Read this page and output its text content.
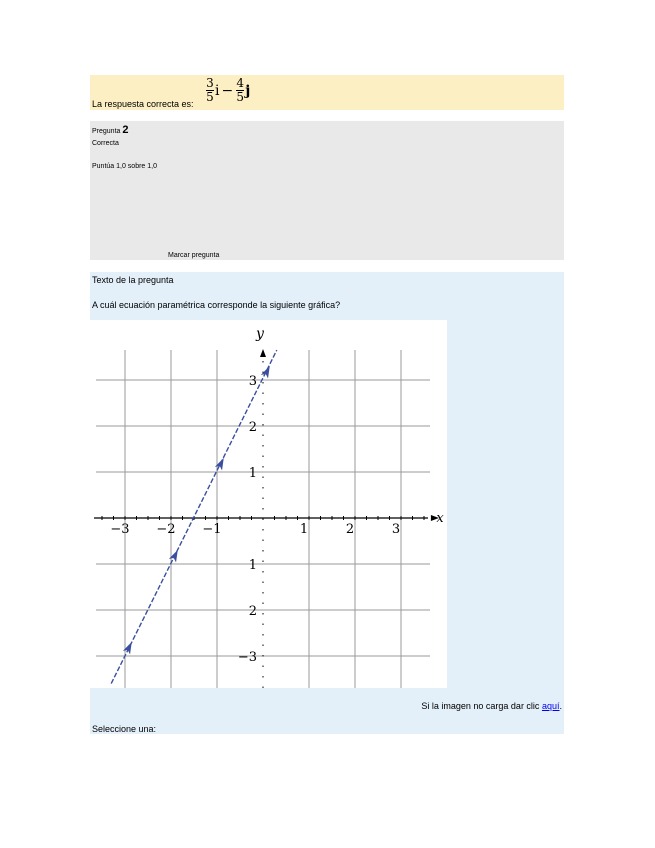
La respuesta correcta es: $\frac{3}{5}$ $i - \frac{4}{5}$ j
Pregunta 2
Correcta
Puntúa 1,0 sobre 1,0
Marcar pregunta
Texto de la pregunta
A cuál ecuación paramétrica corresponde la siguiente gráfica?
−3 −2 −1	1	2	3
3
2
1
1
2
−3
x
y
Si la imagen no carga dar clic aquí.
Seleccione una:
